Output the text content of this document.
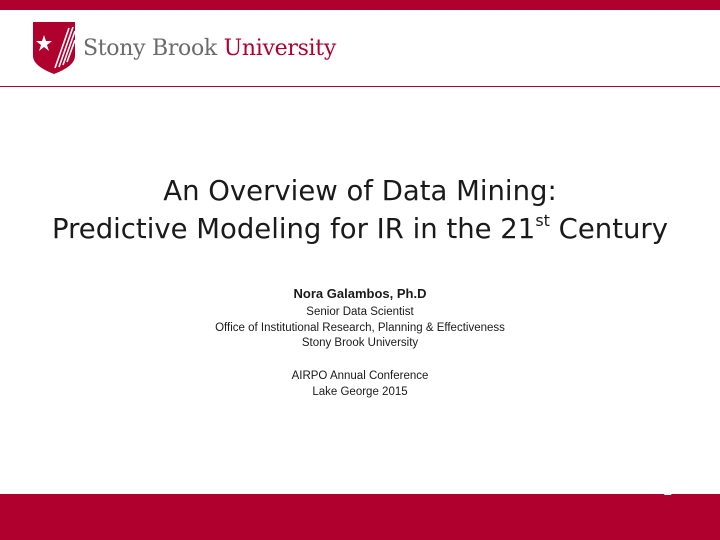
Stony Brook University
An Overview of Data Mining:
Predictive Modeling for IR in the 21st Century
Nora Galambos, Ph.D
Senior Data Scientist
Office of Institutional Research, Planning & Effectiveness
Stony Brook University
AIRPO Annual Conference
Lake George 2015
1
